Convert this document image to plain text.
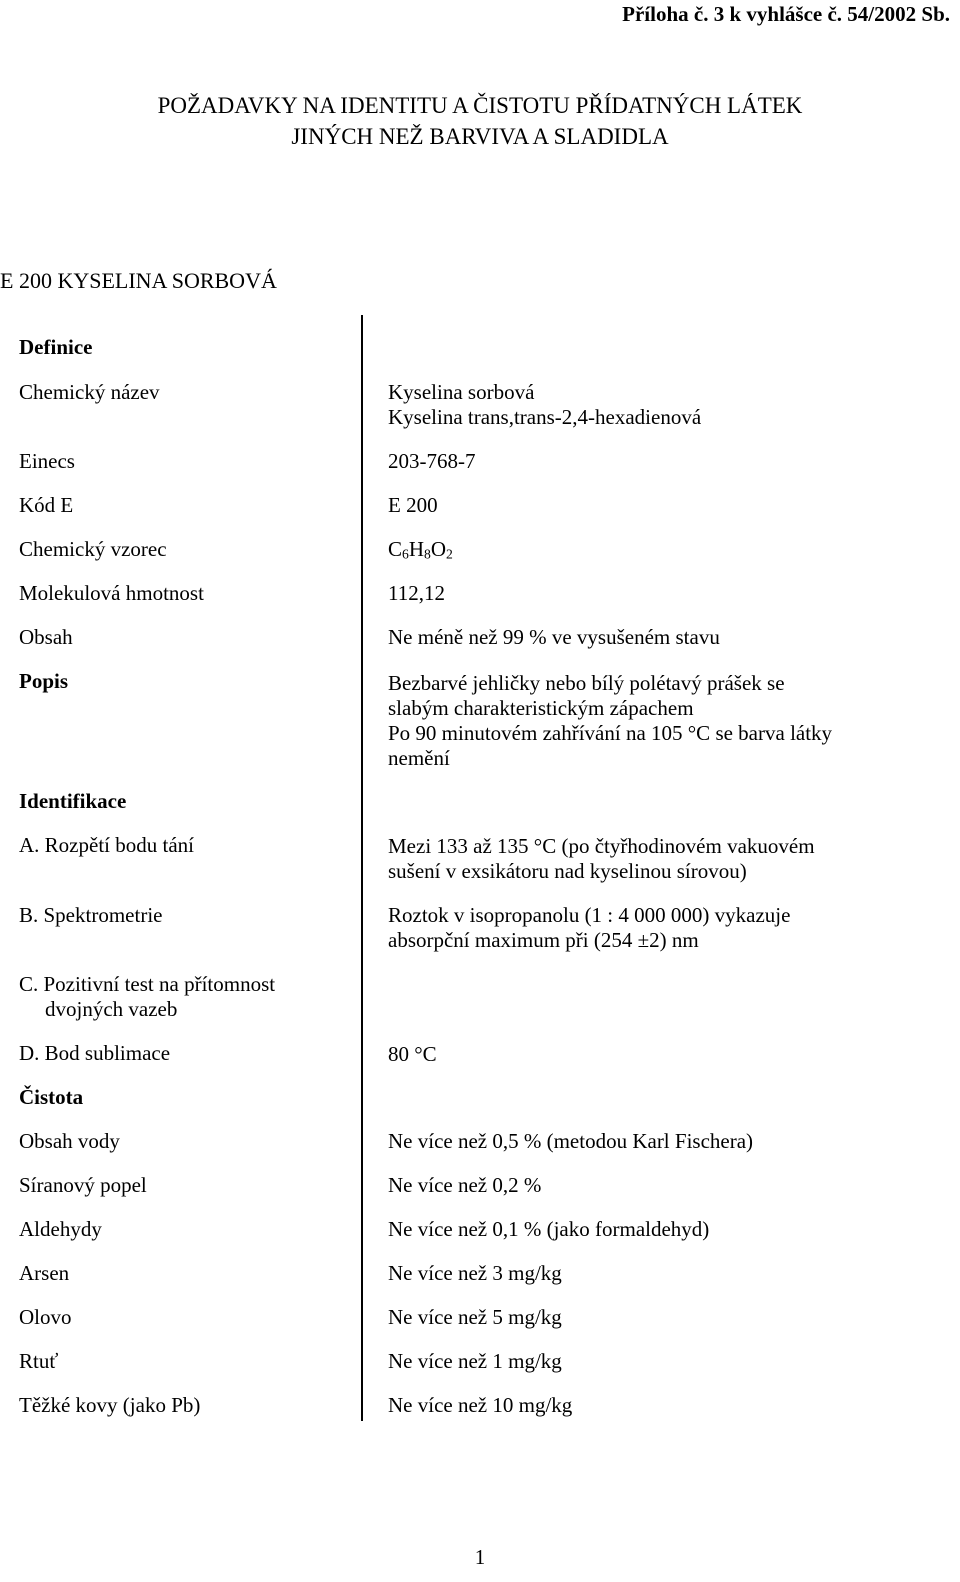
Příloha č. 3 k vyhlášce č. 54/2002 Sb.
POŽADAVKY NA IDENTITU A ČISTOTU PŘÍDATNÝCH LÁTEK
JINÝCH NEŽ BARVIVA A SLADIDLA
E 200 KYSELINA SORBOVÁ
Definice
Chemický název	Kyselina sorbová
Kyselina trans,trans-2,4-hexadienová
Einecs	203-768-7
Kód E	E 200
Chemický vzorec	$C_6H_8O_2$
Molekulová hmotnost	112,12
Obsah	Ne méně než 99 % ve vysušeném stavu
Popis	Bezbarvé jehličky nebo bílý polétavý prášek se
slabým charakteristickým zápachem
Po 90 minutovém zahřívání na 105 °C se barva látky
nemění
Identifikace
A. Rozpětí bodu tání	Mezi 133 až 135 °C (po čtyřhodinovém vakuovém
sušení v exsikátoru nad kyselinou sírovou)
B. Spektrometrie	Roztok v isopropanolu (1 : 4 000 000) vykazuje
absorpční maximum při (254 ±2) nm
C. Pozitivní test na přítomnost
dvojných vazeb
D. Bod sublimace	80 °C
Čistota
Obsah vody	Ne více než 0,5 % (metodou Karl Fischera)
Síranový popel	Ne více než 0,2 %
Aldehydy	Ne více než 0,1 % (jako formaldehyd)
Arsen	Ne více než 3 mg/kg
Olovo	Ne více než 5 mg/kg
Rtuť	Ne více než 1 mg/kg
Těžké kovy (jako Pb)	Ne více než 10 mg/kg
1
